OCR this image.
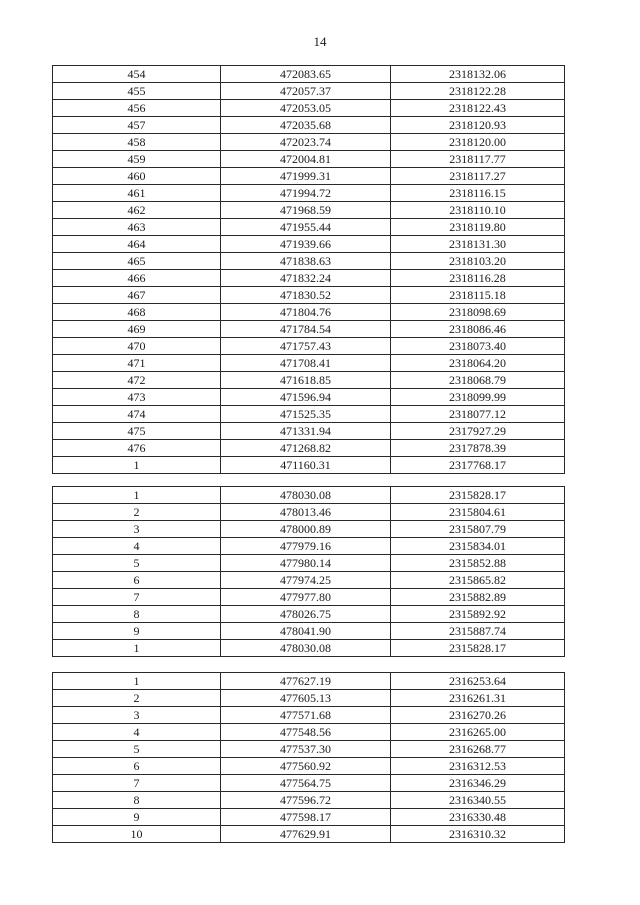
14
454	472083.65	2318132.06
455	472057.37	2318122.28
456	472053.05	2318122.43
457	472035.68	2318120.93
458	472023.74	2318120.00
459	472004.81	2318117.77
460	471999.31	2318117.27
461	471994.72	2318116.15
462	471968.59	2318110.10
463	471955.44	2318119.80
464	471939.66	2318131.30
465	471838.63	2318103.20
466	471832.24	2318116.28
467	471830.52	2318115.18
468	471804.76	2318098.69
469	471784.54	2318086.46
470	471757.43	2318073.40
471	471708.41	2318064.20
472	471618.85	2318068.79
473	471596.94	2318099.99
474	471525.35	2318077.12
475	471331.94	2317927.29
476	471268.82	2317878.39
1	471160.31	2317768.17
1	478030.08	2315828.17
2	478013.46	2315804.61
3	478000.89	2315807.79
4	477979.16	2315834.01
5	477980.14	2315852.88
6	477974.25	2315865.82
7	477977.80	2315882.89
8	478026.75	2315892.92
9	478041.90	2315887.74
1	478030.08	2315828.17
1	477627.19	2316253.64
2	477605.13	2316261.31
3	477571.68	2316270.26
4	477548.56	2316265.00
5	477537.30	2316268.77
6	477560.92	2316312.53
7	477564.75	2316346.29
8	477596.72	2316340.55
9	477598.17	2316330.48
10	477629.91	2316310.32
